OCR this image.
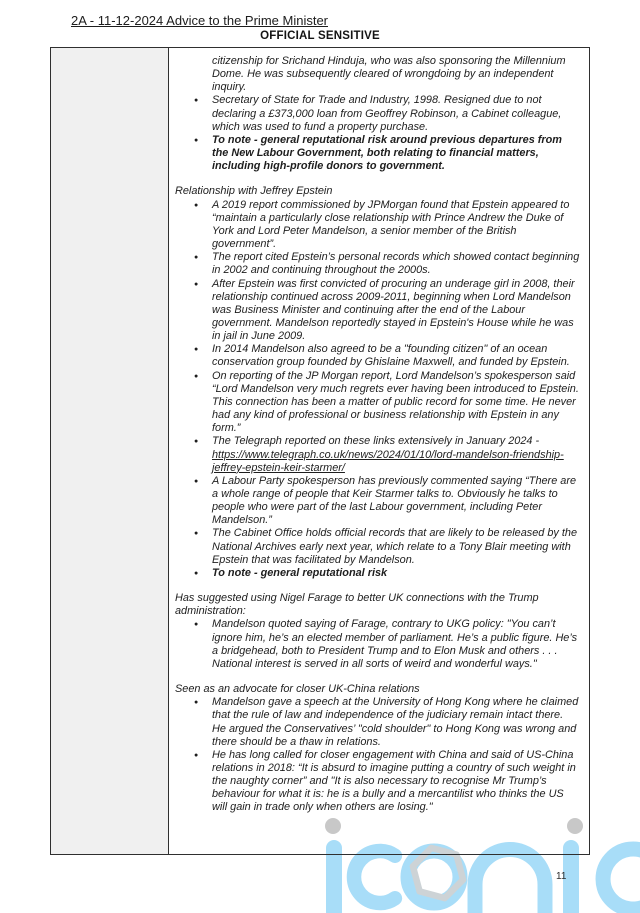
2A - 11-12-2024 Advice to the Prime Minister
OFFICIAL SENSITIVE
citizenship for Srichand Hinduja, who was also sponsoring the Millennium Dome. He was subsequently cleared of wrongdoing by an independent inquiry.
●	Secretary of State for Trade and Industry, 1998. Resigned due to not declaring a £373,000 loan from Geoffrey Robinson, a Cabinet colleague, which was used to fund a property purchase.
●	To note - general reputational risk around previous departures from the New Labour Government, both relating to financial matters, including high-profile donors to government.
Relationship with Jeffrey Epstein
●	A 2019 report commissioned by JPMorgan found that Epstein appeared to “maintain a particularly close relationship with Prince Andrew the Duke of York and Lord Peter Mandelson, a senior member of the British government”.
●	The report cited Epstein’s personal records which showed contact beginning in 2002 and continuing throughout the 2000s.
●	After Epstein was first convicted of procuring an underage girl in 2008, their relationship continued across 2009-2011, beginning when Lord Mandelson was Business Minister and continuing after the end of the Labour government. Mandelson reportedly stayed in Epstein's House while he was in jail in June 2009.
●	In 2014 Mandelson also agreed to be a "founding citizen" of an ocean conservation group founded by Ghislaine Maxwell, and funded by Epstein.
●	On reporting of the JP Morgan report, Lord Mandelson’s spokesperson said “Lord Mandelson very much regrets ever having been introduced to Epstein. This connection has been a matter of public record for some time. He never had any kind of professional or business relationship with Epstein in any form.”
●	The Telegraph reported on these links extensively in January 2024 - https://www.telegraph.co.uk/news/2024/01/10/lord-mandelson-friendship-jeffrey-epstein-keir-starmer/
●	A Labour Party spokesperson has previously commented saying “There are a whole range of people that Keir Starmer talks to. Obviously he talks to people who were part of the last Labour government, including Peter Mandelson.”
●	The Cabinet Office holds official records that are likely to be released by the National Archives early next year, which relate to a Tony Blair meeting with Epstein that was facilitated by Mandelson.
●	To note - general reputational risk
Has suggested using Nigel Farage to better UK connections with the Trump administration:
●	Mandelson quoted saying of Farage, contrary to UKG policy: "You can’t ignore him, he’s an elected member of parliament. He’s a public figure. He’s a bridgehead, both to President Trump and to Elon Musk and others . . . National interest is served in all sorts of weird and wonderful ways."
Seen as an advocate for closer UK-China relations
●	Mandelson gave a speech at the University of Hong Kong where he claimed that the rule of law and independence of the judiciary remain intact there. He argued the Conservatives’ "cold shoulder" to Hong Kong was wrong and there should be a thaw in relations.
●	He has long called for closer engagement with China and said of US-China relations in 2018: “It is absurd to imagine putting a country of such weight in the naughty corner” and "It is also necessary to recognise Mr Trump’s behaviour for what it is: he is a bully and a mercantilist who thinks the US will gain in trade only when others are losing."
11
